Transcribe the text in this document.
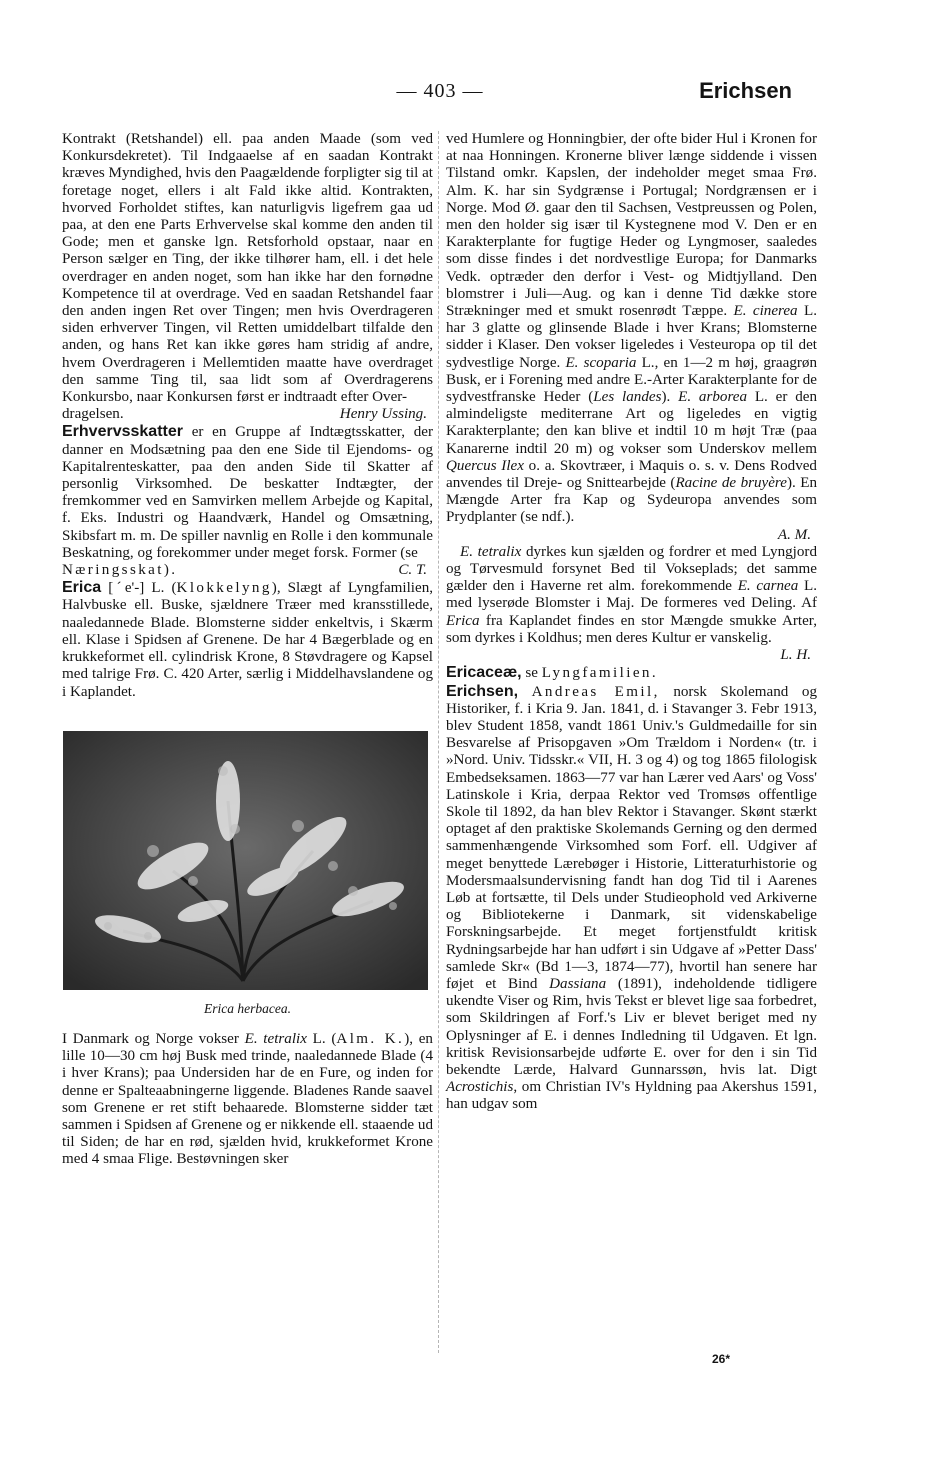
— 403 —	Erichsen

Kontrakt (Retshandel) ell. paa anden Maade (som ved Konkursdekretet). Til Indgaaelse af en saadan Kontrakt kræves Myndighed, hvis den Paagældende forpligter sig til at foretage noget, ellers i alt Fald ikke altid. Kontrakten, hvorved Forholdet stiftes, kan naturligvis ligefrem gaa ud paa, at den ene Parts Erhvervelse skal komme den anden til Gode; men et ganske lgn. Retsforhold opstaar, naar en Person sælger en Ting, der ikke tilhører ham, ell. i det hele overdrager en anden noget, som han ikke har den fornødne Kompetence til at overdrage. Ved en saadan Retshandel faar den anden ingen Ret over Tingen; men hvis Overdrageren siden erhverver Tingen, vil Retten umiddelbart tilfalde den anden, og hans Ret kan ikke gøres ham stridig af andre, hvem Overdrageren i Mellemtiden maatte have overdraget den samme Ting til, saa lidt som af Overdragerens Konkursbo, naar Konkursen først er indtraadt efter Over-

dragelsen.	Henry Ussing.

Erhvervsskatter er en Gruppe af Indtægtsskatter, der danner en Modsætning paa den ene Side til Ejendoms- og Kapitalrenteskatter, paa den anden Side til Skatter af personlig Virksomhed. De beskatter Indtægter, der fremkommer ved en Samvirken mellem Arbejde og Kapital, f. Eks. Industri og Haandværk, Handel og Omsætning, Skibsfart m. m. De spiller navnlig en Rolle i den kommunale Beskatning, og forekommer under meget forsk. Former (se

Næringsskat).	C. T.

Erica [ˊe'-] L. (Klokkelyng), Slægt af Lyngfamilien, Halvbuske ell. Buske, sjældnere Træer med kransstillede, naaledannede Blade. Blomsterne sidder enkeltvis, i Skærm ell. Klase i Spidsen af Grenene. De har 4 Bægerblade og en krukkeformet ell. cylindrisk Krone, 8 Støvdragere og Kapsel med talrige Frø. C. 420 Arter, særlig i Middelhavslandene og i Kaplandet.

Erica herbacea.

I Danmark og Norge vokser E. tetralix L. (Alm. K.), en lille 10—30 cm høj Busk med trinde, naaledannede Blade (4 i hver Krans); paa Undersiden har de en Fure, og inden for denne er Spalteaabningerne liggende. Bladenes Rande saavel som Grenene er ret stift behaarede. Blomsterne sidder tæt sammen i Spidsen af Grenene og er nikkende ell. staaende ud til Siden; de har en rød, sjælden hvid, krukkeformet Krone med 4 smaa Flige. Bestøvningen sker

ved Humlere og Honningbier, der ofte bider Hul i Kronen for at naa Honningen. Kronerne bliver længe siddende i vissen Tilstand omkr. Kapslen, der indeholder meget smaa Frø. Alm. K. har sin Sydgrænse i Portugal; Nordgrænsen er i Norge. Mod Ø. gaar den til Sachsen, Vestpreussen og Polen, men den holder sig især til Kystegnene mod V. Den er en Karakterplante for fugtige Heder og Lyngmoser, saaledes som disse findes i det nordvestlige Europa; for Danmarks Vedk. optræder den derfor i Vest- og Midtjylland. Den blomstrer i Juli—Aug. og kan i denne Tid dække store Strækninger med et smukt rosenrødt Tæppe. E. cinerea L. har 3 glatte og glinsende Blade i hver Krans; Blomsterne sidder i Klaser. Den vokser ligeledes i Vesteuropa op til det sydvestlige Norge. E. scoparia L., en 1—2 m høj, graagrøn Busk, er i Forening med andre E.-Arter Karakterplante for de sydvestfranske Heder (Les landes). E. arborea L. er den almindeligste mediterrane Art og ligeledes en vigtig Karakterplante; den kan blive et indtil 10 m højt Træ (paa Kanarerne indtil 20 m) og vokser som Underskov mellem Quercus Ilex o. a. Skovtræer, i Maquis o. s. v. Dens Rodved anvendes til Dreje- og Snittearbejde (Racine de bruyère). En Mængde Arter fra Kap og Sydeuropa anvendes som Prydplanter (se ndf.).

A. M.

E. tetralix dyrkes kun sjælden og fordrer et med Lyngjord og Tørvesmuld forsynet Bed til Vokseplads; det samme gælder den i Haverne ret alm. forekommende E. carnea L. med lyserøde Blomster i Maj. De formeres ved Deling. Af Erica fra Kaplandet findes en stor Mængde smukke Arter, som dyrkes i Koldhus; men deres Kultur er vanskelig.
L. H.

Ericaceæ, se Lyngfamilien.

Erichsen, Andreas Emil, norsk Skolemand og Historiker, f. i Kria 9. Jan. 1841, d. i Stavanger 3. Febr 1913, blev Student 1858, vandt 1861 Univ.'s Guldmedaille for sin Besvarelse af Prisopgaven »Om Trældom i Norden« (tr. i »Nord. Univ. Tidsskr.« VII, H. 3 og 4) og tog 1865 filologisk Embedseksamen. 1863—77 var han Lærer ved Aars' og Voss' Latinskole i Kria, derpaa Rektor ved Tromsøs offentlige Skole til 1892, da han blev Rektor i Stavanger. Skønt stærkt optaget af den praktiske Skolemands Gerning og den dermed sammenhængende Virksomhed som Forf. ell. Udgiver af meget benyttede Lærebøger i Historie, Litteraturhistorie og Modersmaalsundervisning fandt han dog Tid til i Aarenes Løb at fortsætte, til Dels under Studieophold ved Arkiverne og Bibliotekerne i Danmark, sit videnskabelige Forskningsarbejde. Et meget fortjenstfuldt kritisk Rydningsarbejde har han udført i sin Udgave af »Petter Dass' samlede Skr« (Bd 1—3, 1874—77), hvortil han senere har føjet et Bind Dassiana (1891), indeholdende tidligere ukendte Viser og Rim, hvis Tekst er blevet lige saa forbedret, som Skildringen af Forf.'s Liv er blevet beriget med ny Oplysninger af E. i dennes Indledning til Udgaven. Et lgn. kritisk Revisionsarbejde udførte E. over for den i sin Tid bekendte Lærde, Halvard Gunnarssøn, hvis lat. Digt Acrostichis, om Christian IV's Hyldning paa Akershus 1591, han udgav som

26*
